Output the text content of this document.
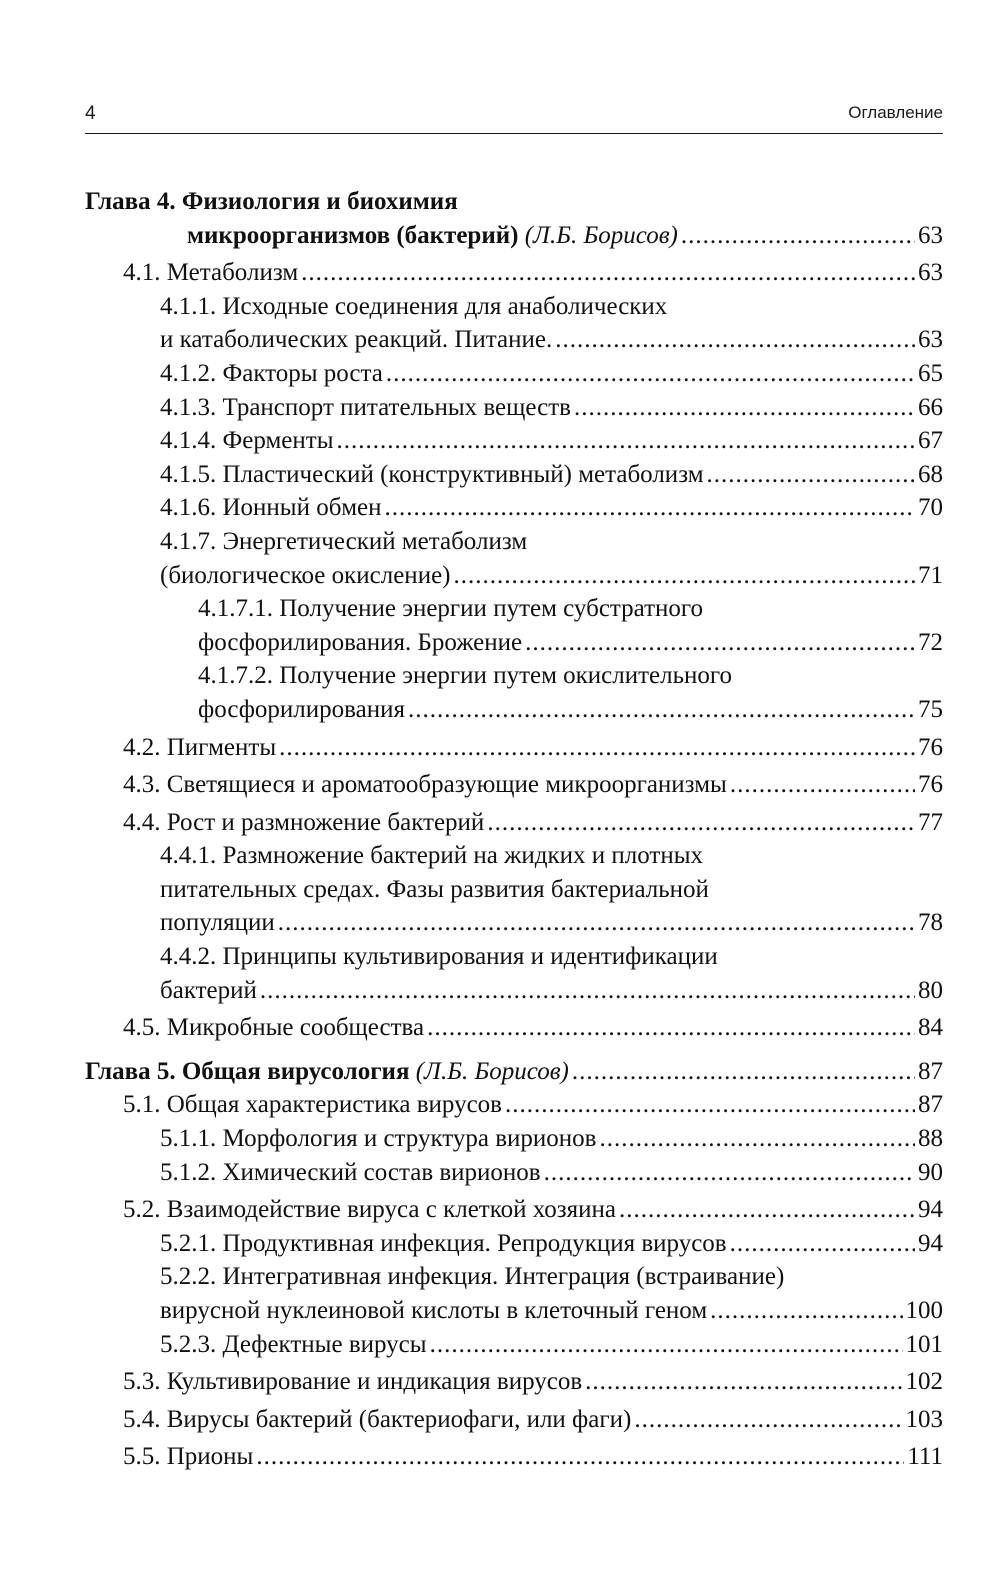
4	Оглавление
Глава 4. Физиология и биохимия
микроорганизмов (бактерий) (Л.Б. Борисов) .....	63
4.1. Метаболизм .....	63
4.1.1. Исходные соединения для анаболических
и катаболических реакций. Питание. .....	63
4.1.2. Факторы роста .....	65
4.1.3. Транспорт питательных веществ .....	66
4.1.4. Ферменты .....	67
4.1.5. Пластический (конструктивный) метаболизм .....	68
4.1.6. Ионный обмен .....	70
4.1.7. Энергетический метаболизм
(биологическое окисление) .....	71
4.1.7.1. Получение энергии путем субстратного
фосфорилирования. Брожение .....	72
4.1.7.2. Получение энергии путем окислительного
фосфорилирования .....	75
4.2. Пигменты .....	76
4.3. Светящиеся и ароматообразующие микроорганизмы .....	76
4.4. Рост и размножение бактерий .....	77
4.4.1. Размножение бактерий на жидких и плотных
питательных средах. Фазы развития бактериальной
популяции .....	78
4.4.2. Принципы культивирования и идентификации
бактерий .....	80
4.5. Микробные сообщества .....	84
Глава 5. Общая вирусология (Л.Б. Борисов) .....	87
5.1. Общая характеристика вирусов .....	87
5.1.1. Морфология и структура вирионов .....	88
5.1.2. Химический состав вирионов .....	90
5.2. Взаимодействие вируса с клеткой хозяина .....	94
5.2.1. Продуктивная инфекция. Репродукция вирусов .....	94
5.2.2. Интегративная инфекция. Интеграция (встраивание)
вирусной нуклеиновой кислоты в клеточный геном .....	100
5.2.3. Дефектные вирусы .....	101
5.3. Культивирование и индикация вирусов .....	102
5.4. Вирусы бактерий (бактериофаги, или фаги) .....	103
5.5. Прионы .....	111
